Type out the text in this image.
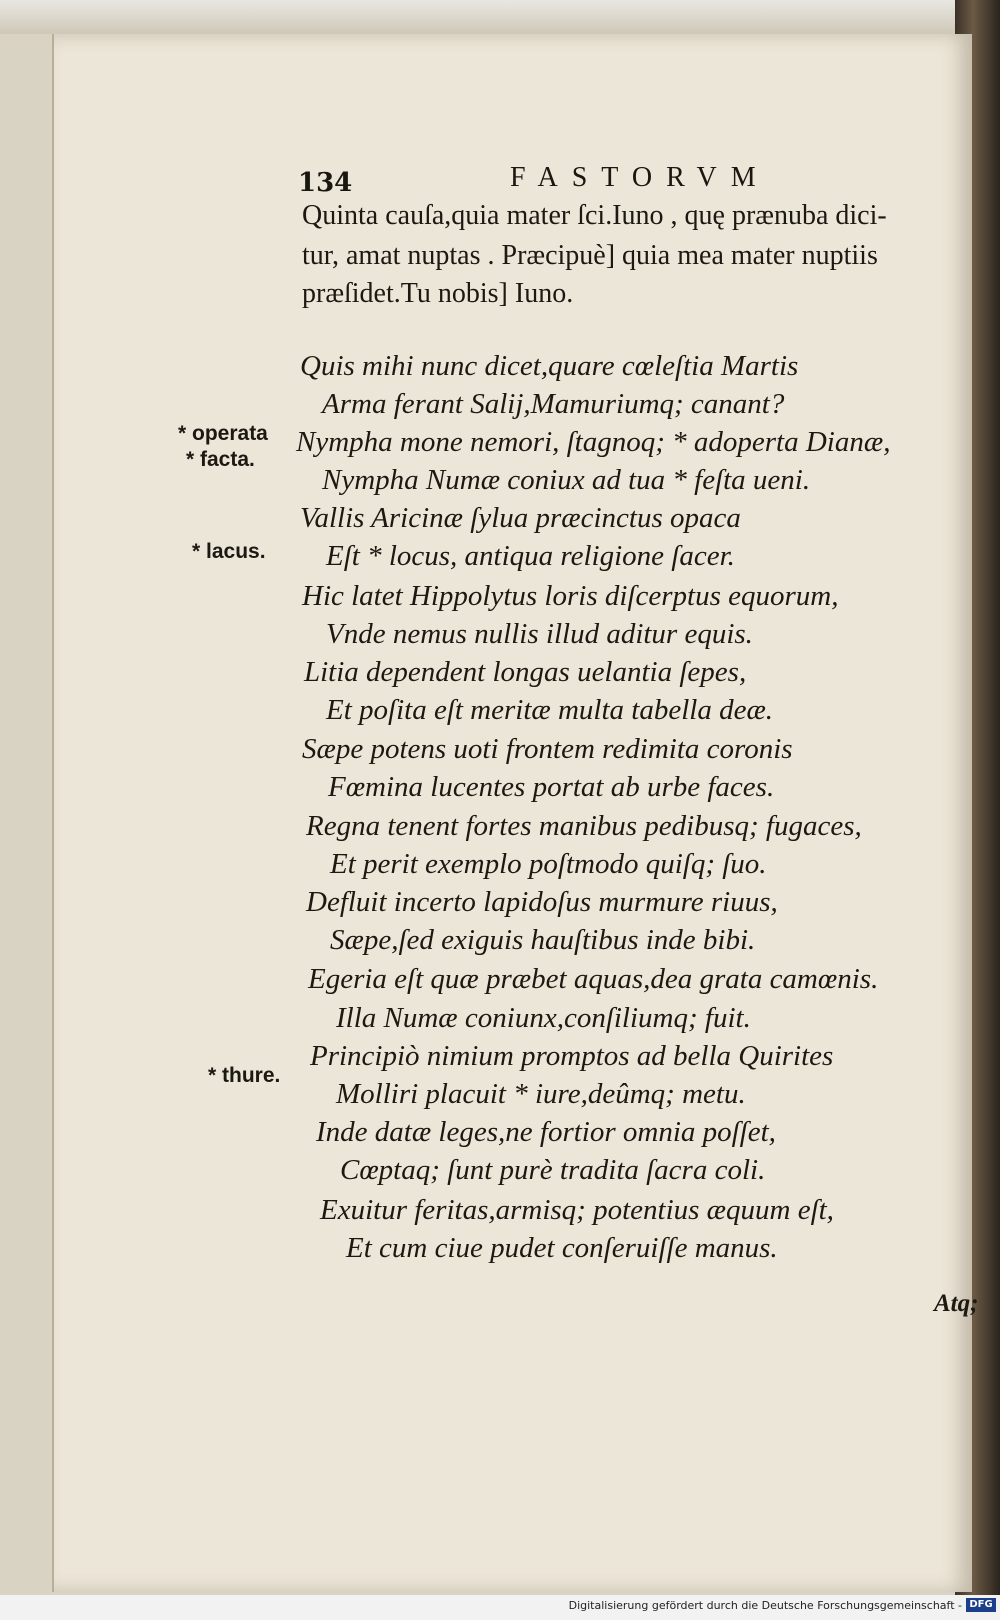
134	FASTORVM
Quinta cauſa,quia mater ſci.Iuno , quę prænuba dici-
tur, amat nuptas . Præcipuè] quia mea mater nuptiis
præſidet.Tu nobis] Iuno.
* operata
* facta.
* lacus.
* thure.
Quis mihi nunc dicet,quare cœleſtia Martis
Arma ferant Salij,Mamuriumq; canant?
Nympha mone nemori, ſtagnoq; * adoperta Dianæ,
Nympha Numæ coniux ad tua * feſta ueni.
Vallis Aricinæ ſylua præcinctus opaca
Eſt * locus, antiqua religione ſacer.
Hic latet Hippolytus loris diſcerptus equorum,
Vnde nemus nullis illud aditur equis.
Litia dependent longas uelantia ſepes,
Et poſita eſt meritæ multa tabella deæ.
Sæpe potens uoti frontem redimita coronis
Fœmina lucentes portat ab urbe faces.
Regna tenent fortes manibus pedibusq; fugaces,
Et perit exemplo poſtmodo quiſq; ſuo.
Defluit incerto lapidoſus murmure riuus,
Sæpe,ſed exiguis hauſtibus inde bibi.
Egeria eſt quæ præbet aquas,dea grata camœnis.
Illa Numæ coniunx,conſiliumq; fuit.
Principiò nimium promptos ad bella Quirites
Molliri placuit * iure,deûmq; metu.
Inde datæ leges,ne fortior omnia poſſet,
Cœptaq; ſunt purè tradita ſacra coli.
Exuitur feritas,armisq; potentius æquum eſt,
Et cum ciue pudet conſeruiſſe manus.
Atq;
Digitalisierung gefördert durch die Deutsche Forschungsgemeinschaft - DFG
